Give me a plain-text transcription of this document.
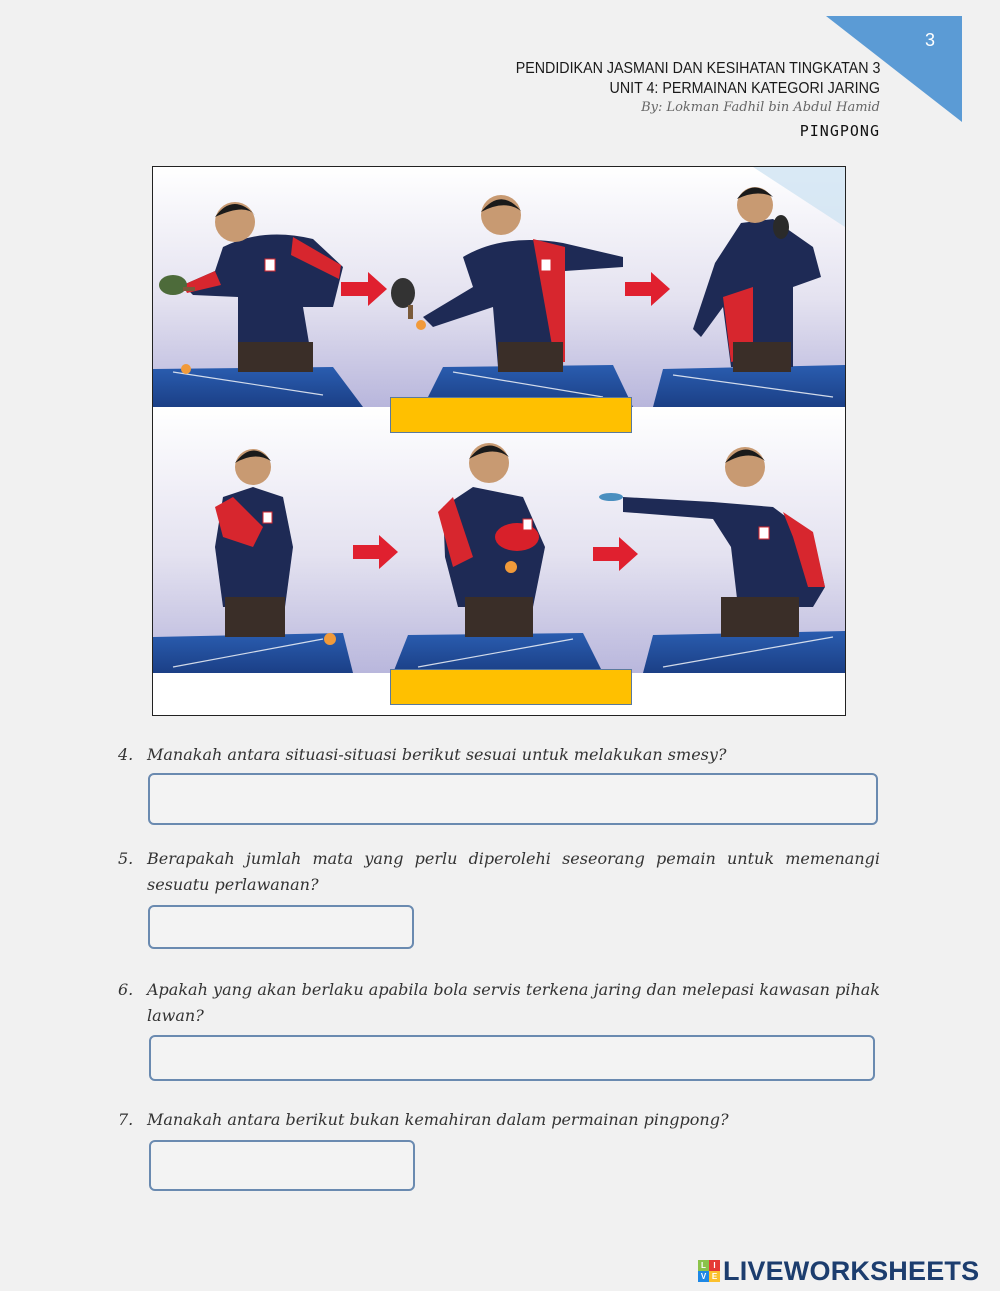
3
PENDIDIKAN JASMANI DAN KESIHATAN TINGKATAN 3
UNIT 4: PERMAINAN KATEGORI JARING
By: Lokman Fadhil bin Abdul Hamid
PINGPONG
4. Manakah antara situasi-situasi berikut sesuai untuk melakukan smesy?
5. Berapakah jumlah mata yang perlu diperolehi seseorang pemain untuk memenangi sesuatu perlawanan?
6. Apakah yang akan berlaku apabila bola servis terkena jaring dan melepasi kawasan pihak lawan?
7. Manakah antara berikut bukan kemahiran dalam permainan pingpong?
L I
V E LIVEWORKSHEETS
